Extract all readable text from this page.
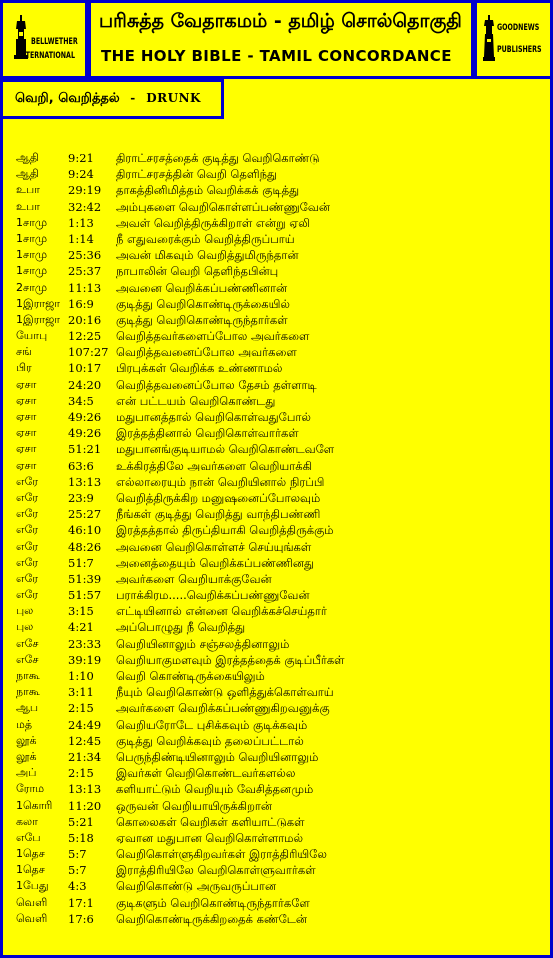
BELLWETHER
INTERNATIONAL
பரிசுத்த வேதாகமம் - தமிழ் சொல்தொகுதி
THE HOLY BIBLE - TAMIL CONCORDANCE
GOODNEWS
PUBLISHERS
வெறி, வெறித்தல் - DRUNK
ஆதி	9:21 திராட்சரசத்தைக் குடித்து வெறிகொண்டு
ஆதி	9:24 திராட்சரசத்தின் வெறி தெளிந்து
உபா 29:19 தாகத்தினிமித்தம் வெறிக்கக் குடித்து
உபா 32:42 அம்புகளை வெறிகொள்ளப்பண்ணுவேன்
1சாமு 1:13 அவள் வெறித்திருக்கிறாள் என்று ஏலி
1சாமு 1:14 நீ எதுவரைக்கும் வெறித்திருப்பாய்
1சாமு 25:36 அவன் மிகவும் வெறித்துமிருந்தான்
1சாமு 25:37 நாபாலின் வெறி தெளிந்தபின்பு
2சாமு 11:13 அவனை வெறிக்கப்பண்ணினான்
1இராஜா 16:9 குடித்து வெறிகொண்டிருக்கையில்
1இராஜா 20:16 குடித்து வெறிகொண்டிருந்தார்கள்
யோபு 12:25 வெறித்தவர்களைப்போல அவர்களை
சங்	107:27 வெறித்தவனைப்போல அவர்களை
பிர	10:17 பிரபுக்கள் வெறிக்க உண்ணாமல்
ஏசா	24:20 வெறித்தவனைப்போல தேசம் தள்ளாடி
ஏசா	34:5 என் பட்டயம் வெறிகொண்டது
ஏசா	49:26 மதுபானத்தால் வெறிகொள்வதுபோல்
ஏசா	49:26 இரத்தத்தினால் வெறிகொள்வார்கள்
ஏசா	51:21 மதுபானங்குடியாமல் வெறிகொண்டவளே
ஏசா	63:6 உக்கிரத்திலே அவர்களை வெறியாக்கி
எரே	13:13 எல்லாரையும் நான் வெறியினால் நிரப்பி
எரே	23:9 வெறித்திருக்கிற மனுஷனைப்போலவும்
எரே	25:27 நீங்கள் குடித்து வெறித்து வாந்திபண்ணி
எரே	46:10 இரத்தத்தால் திருப்தியாகி வெறித்திருக்கும்
எரே	48:26 அவனை வெறிகொள்ளச் செய்யுங்கள்
எரே	51:7 அனைத்தையும் வெறிக்கப்பண்ணினது
எரே	51:39 அவர்களை வெறியாக்குவேன்
எரே	51:57 பராக்கிரம.....வெறிக்கப்பண்ணுவேன்
புல	3:15 எட்டியினால் என்னை வெறிக்கச்செய்தார்
புல	4:21 அப்பொழுது நீ வெறித்து
எசே	23:33 வெறியினாலும் சஞ்சலத்தினாலும்
எசே	39:19 வெறியாகுமளவும் இரத்தத்தைக் குடிப்பீர்கள்
நாகூ 1:10 வெறி கொண்டிருக்கையிலும்
நாகூ 3:11 நீயும் வெறிகொண்டு ஒளித்துக்கொள்வாய்
ஆப	2:15 அவர்களை வெறிக்கப்பண்ணுகிறவனுக்கு
மத்	24:49 வெறியரோடே புசிக்கவும் குடிக்கவும்
லூக்	12:45 குடித்து வெறிக்கவும் தலைப்பட்டால்
லூக்	21:34 பெருந்திண்டியினாலும் வெறியினாலும்
அப்	2:15 இவர்கள் வெறிகொண்டவர்களல்ல
ரோம 13:13 களியாட்டும் வெறியும் வேசித்தனமும்
1கொரி 11:20 ஒருவன் வெறியாயிருக்கிறான்
கலா	5:21 கொலைகள் வெறிகள் களியாட்டுகள்
எபே 5:18 ஏவான மதுபான வெறிகொள்ளாமல்
1தெச 5:7	வெறிகொள்ளுகிறவர்கள் இராத்திரியிலே
1தெச 5:7	இராத்திரியிலே வெறிகொள்ளுவார்கள்
1பேது 4:3	வெறிகொண்டு அருவருப்பான
வெளி 17:1 குடிகளும் வெறிகொண்டிருந்தார்களே
வெளி 17:6 வெறிகொண்டிருக்கிறதைக் கண்டேன்
